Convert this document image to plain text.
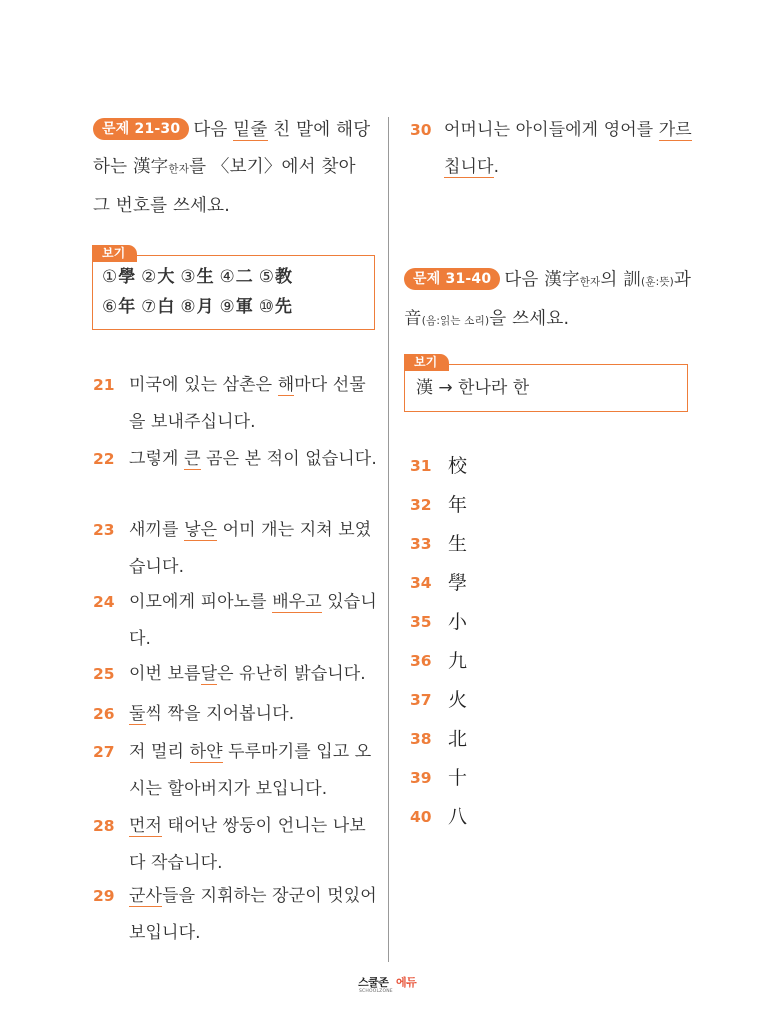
문제 21-30 다음 밑줄 친 말에 해당하는 漢字한자를 〈보기〉에서 찾아 그 번호를 쓰세요.
보기
①學 ②大 ③生 ④二 ⑤教
⑥年 ⑦白 ⑧月 ⑨軍 ⑩先
21 미국에 있는 삼촌은 해마다 선물을 보내주십니다.
22 그렇게 큰 곰은 본 적이 없습니다.
23 새끼를 낳은 어미 개는 지쳐 보였습니다.
24 이모에게 피아노를 배우고 있습니다.
25 이번 보름달은 유난히 밝습니다.
26 둘씩 짝을 지어봅니다.
27 저 멀리 하얀 두루마기를 입고 오시는 할아버지가 보입니다.
28 먼저 태어난 쌍둥이 언니는 나보다 작습니다.
29 군사들을 지휘하는 장군이 멋있어 보입니다.
30 어머니는 아이들에게 영어를 가르칩니다.
문제 31-40 다음 漢字한자의 訓(훈:뜻)과 音(음:읽는 소리)을 쓰세요.
보기
漢 → 한나라 한
31 校
32 年
33 生
34 學
35 小
36 九
37 火
38 北
39 十
40 八
스쿨존 에듀
SCHOOLZONE
